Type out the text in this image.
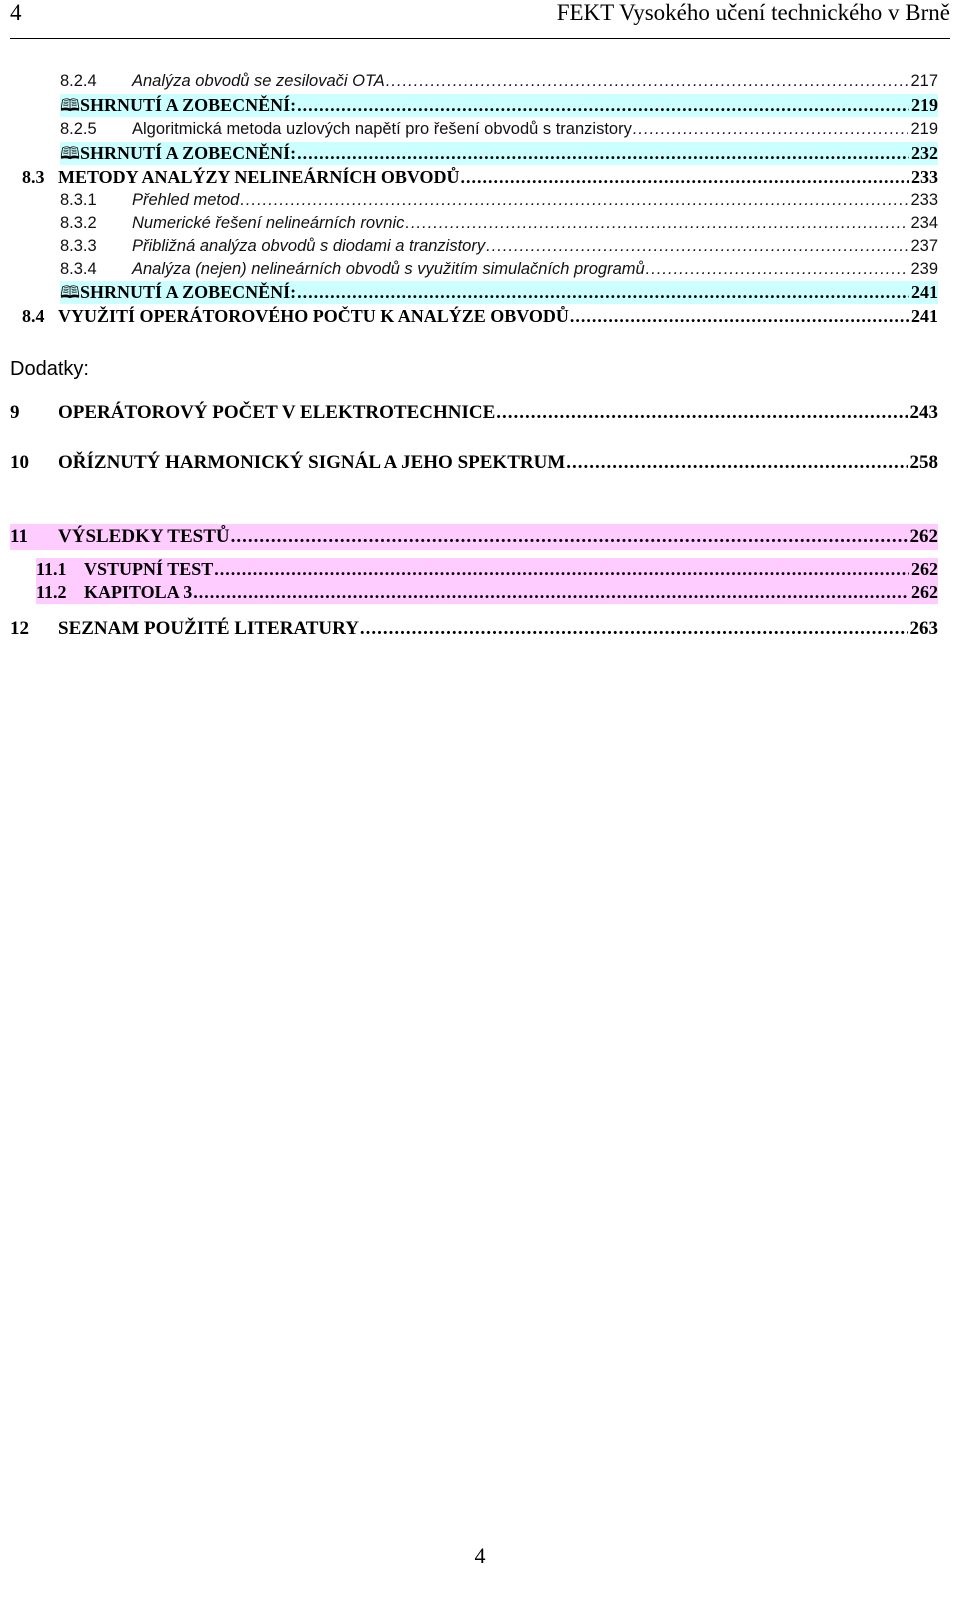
4	FEKT Vysokého učení technického v Brně
8.2.4	Analýza obvodů se zesilovači OTA .....	217
🕮 SHRNUTÍ A ZOBECNĚNÍ: .....	219
8.2.5	Algoritmická metoda uzlových napětí pro řešení obvodů s tranzistory .....	219
🕮 SHRNUTÍ A ZOBECNĚNÍ: .....	232
8.3 METODY ANALÝZY NELINEÁRNÍCH OBVODŮ .....	233
8.3.1	Přehled metod .....	233
8.3.2	Numerické řešení nelineárních rovnic .....	234
8.3.3	Přibližná analýza obvodů s diodami a tranzistory .....	237
8.3.4	Analýza (nejen) nelineárních obvodů s využitím simulačních programů .....	239
🕮 SHRNUTÍ A ZOBECNĚNÍ: .....	241
8.4 VYUŽITÍ OPERÁTOROVÉHO POČTU K ANALÝZE OBVODŮ .....	241
Dodatky:
9	OPERÁTOROVÝ POČET V ELEKTROTECHNICE .....	243
10	OŘÍZNUTÝ HARMONICKÝ SIGNÁL A JEHO SPEKTRUM .....	258
11	VÝSLEDKY TESTŮ .....	262
11.1 VSTUPNÍ TEST .....	262
11.2 KAPITOLA 3 .....	262
12	SEZNAM POUŽITÉ LITERATURY .....	263
4
